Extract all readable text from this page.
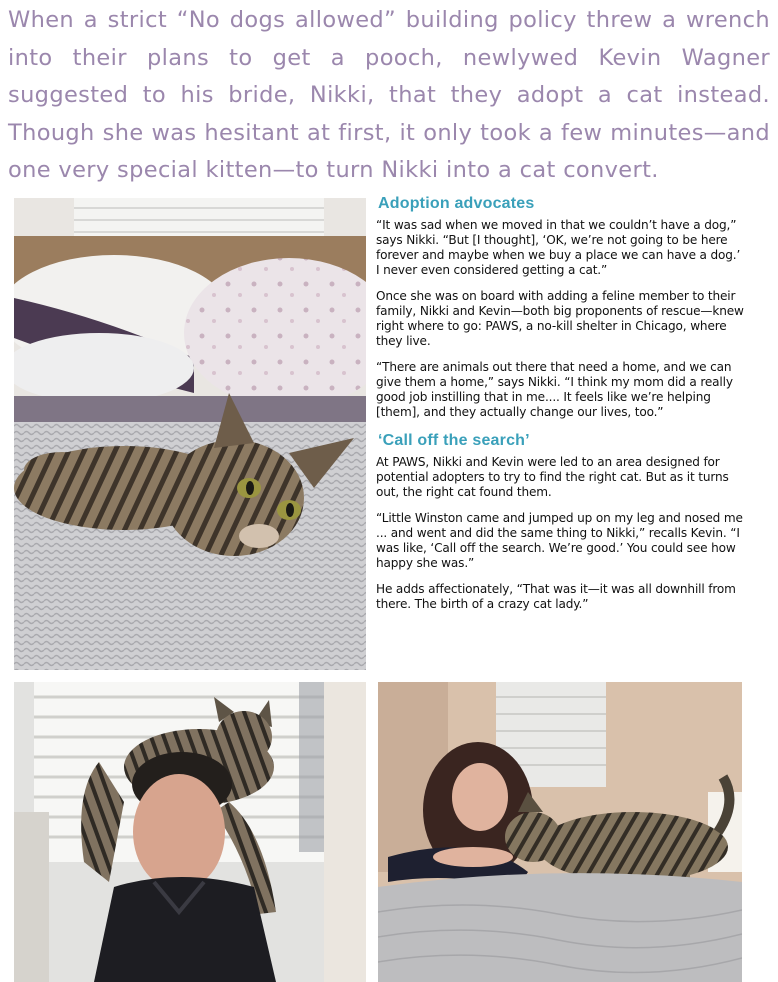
When a strict “No dogs allowed” building policy threw a wrench into their plans to get a pooch, newlywed Kevin Wagner suggested to his bride, Nikki, that they adopt a cat instead. Though she was hesitant at first, it only took a few minutes—and one very special kitten—to turn Nikki into a cat convert.
Adoption advocates

“It was sad when we moved in that we couldn’t have a dog,” says Nikki. “But [I thought], ‘OK, we’re not going to be here forever and maybe when we buy a place we can have a dog.’ I never even considered getting a cat.”

Once she was on board with adding a feline member to their family, Nikki and Kevin—both big proponents of rescue—knew right where to go: PAWS, a no-kill shelter in Chicago, where they live.

“There are animals out there that need a home, and we can give them a home,” says Nikki. “I think my mom did a really good job instilling that in me.... It feels like we’re helping [them], and they actually change our lives, too.”

‘Call off the search’

At PAWS, Nikki and Kevin were led to an area designed for potential adopters to try to find the right cat. But as it turns out, the right cat found them.

“Little Winston came and jumped up on my leg and nosed me ... and went and did the same thing to Nikki,” recalls Kevin. “I was like, ‘Call off the search. We’re good.’ You could see how happy she was.”

He adds affectionately, “That was it—it was all downhill from there. The birth of a crazy cat lady.”
